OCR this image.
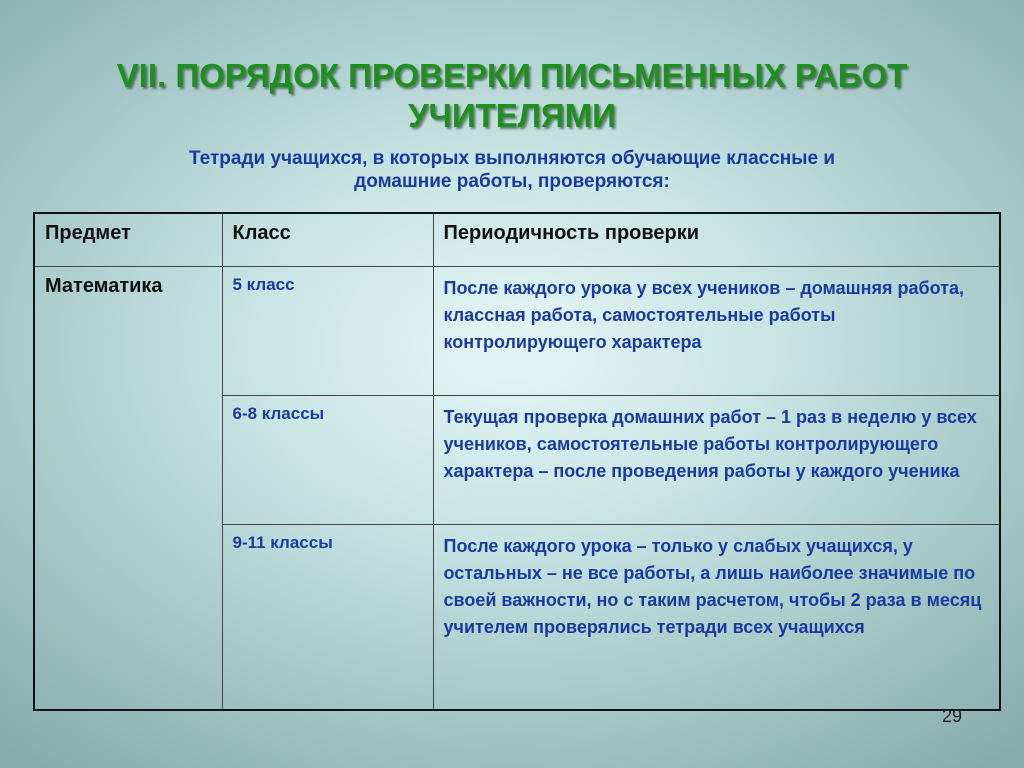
VII. ПОРЯДОК ПРОВЕРКИ ПИСЬМЕННЫХ РАБОТ
УЧИТЕЛЯМИ

Тетради учащихся, в которых выполняются обучающие классные и
домашние работы, проверяются:

Предмет	Класс	Периодичность проверки
Математика	5 класс	После каждого урока у всех учеников – домашняя работа, классная работа, самостоятельные работы контролирующего характера
	6-8 классы	Текущая проверка домашних работ – 1 раз в неделю у всех учеников, самостоятельные работы контролирующего характера – после проведения работы у каждого ученика
	9-11 классы	После каждого урока – только у слабых учащихся, у остальных – не все работы, а лишь наиболее значимые по своей важности, но с таким расчетом, чтобы 2 раза в месяц учителем проверялись тетради всех учащихся
29
